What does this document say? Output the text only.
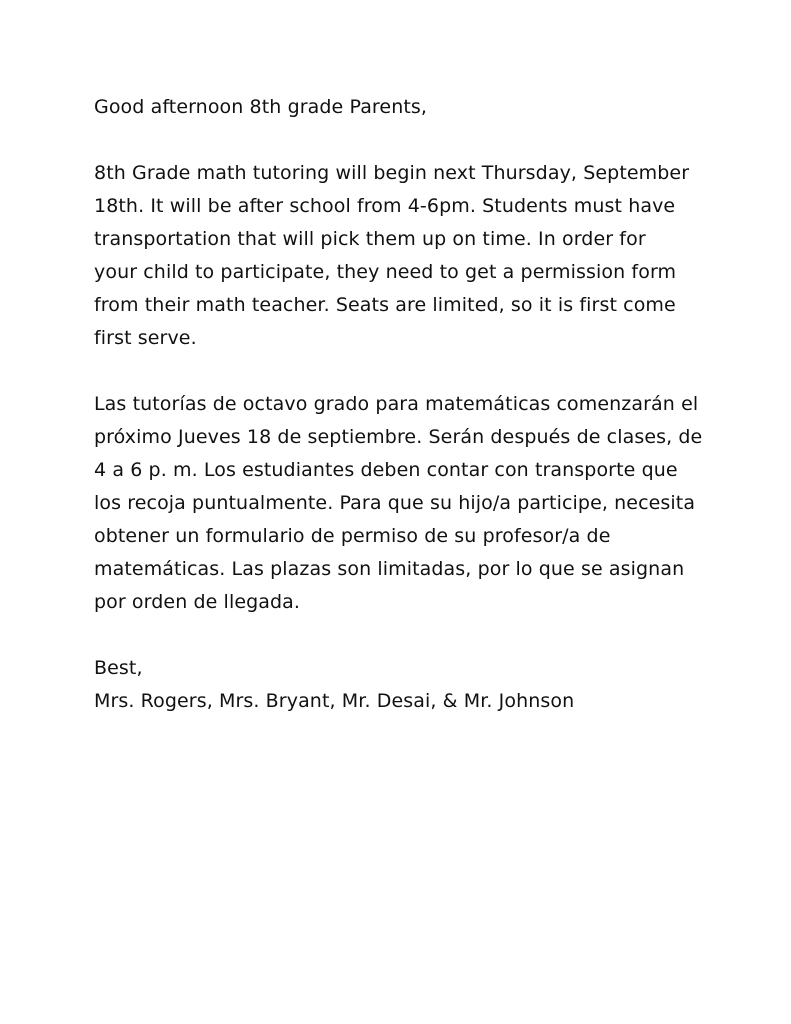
Good afternoon 8th grade Parents,

8th Grade math tutoring will begin next Thursday, September
18th. It will be after school from 4-6pm. Students must have
transportation that will pick them up on time. In order for
your child to participate, they need to get a permission form
from their math teacher. Seats are limited, so it is first come
first serve.

Las tutorías de octavo grado para matemáticas comenzarán el
próximo Jueves 18 de septiembre. Serán después de clases, de
4 a 6 p. m. Los estudiantes deben contar con transporte que
los recoja puntualmente. Para que su hijo/a participe, necesita
obtener un formulario de permiso de su profesor/a de
matemáticas. Las plazas son limitadas, por lo que se asignan
por orden de llegada.

Best,

Mrs. Rogers, Mrs. Bryant, Mr. Desai, & Mr. Johnson
